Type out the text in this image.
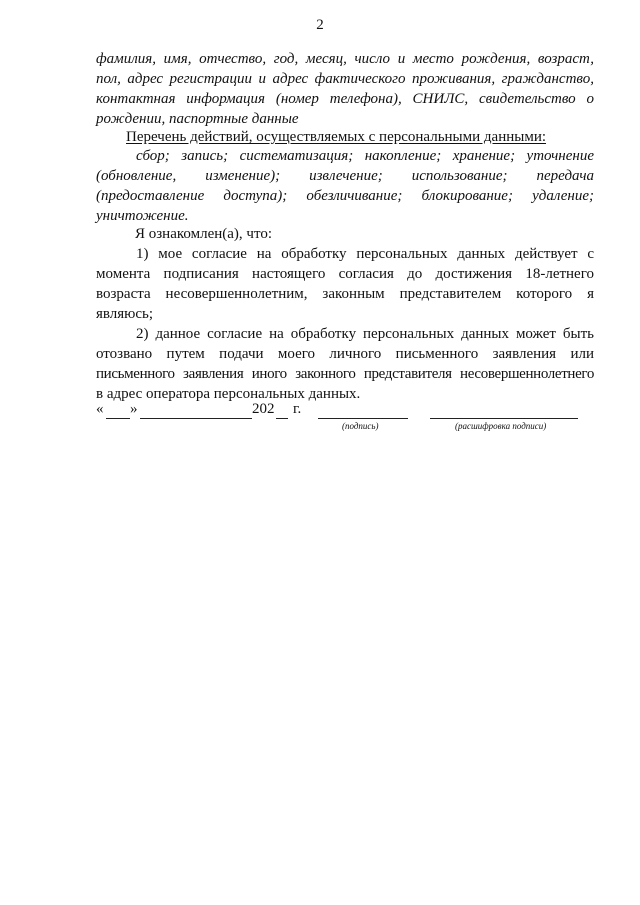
2
фамилия, имя, отчество, год, месяц, число и место рождения, возраст,
пол, адрес регистрации и адрес фактического проживания, гражданство,
контактная информация (номер телефона), СНИЛС, свидетельство о
рождении, паспортные данные
Перечень действий, осуществляемых с персональными данными:
сбор; запись; систематизация; накопление; хранение; уточнение
(обновление, изменение); извлечение; использование; передача
(предоставление доступа); обезличивание; блокирование; удаление;
уничтожение.
Я ознакомлен(а), что:
1) мое согласие на обработку персональных данных действует с
момента подписания настоящего согласия до достижения 18-летнего
возраста несовершеннолетним, законным представителем которого я
являюсь;
2) данное согласие на обработку персональных данных может быть
отозвано путем подачи моего личного письменного заявления или
письменного заявления иного законного представителя несовершеннолетнего
в адрес оператора персональных данных.
« »	202 г.
(подпись)	(расшифровка подписи)
